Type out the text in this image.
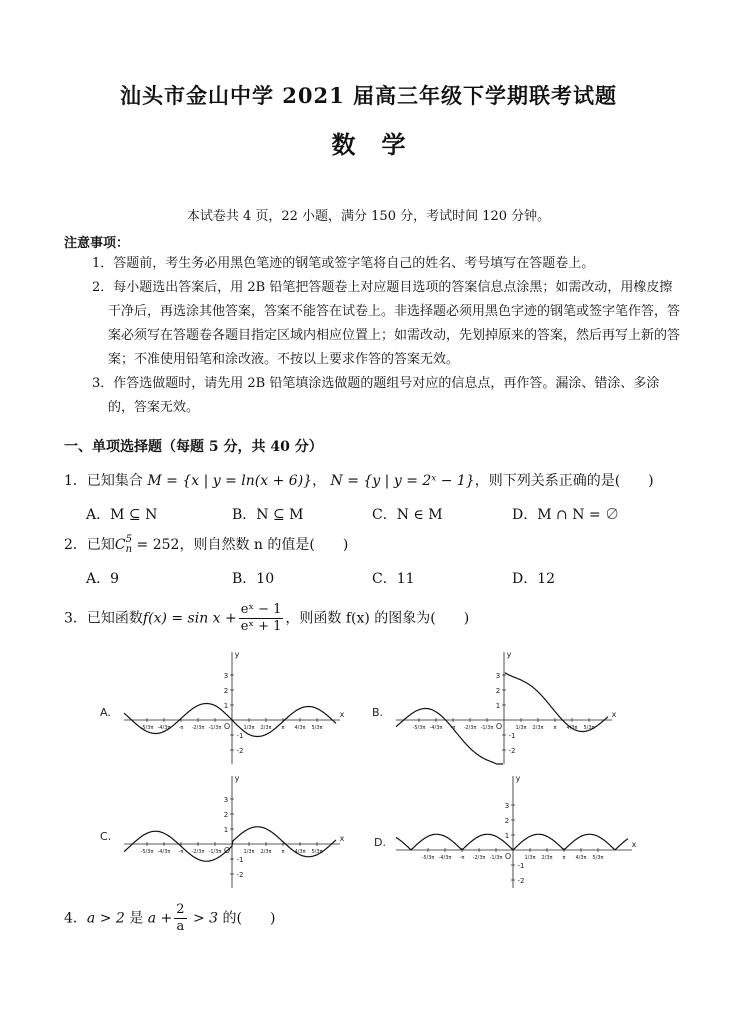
汕头市金山中学 2021 届高三年级下学期联考试题
数学
本试卷共 4 页，22 小题，满分 150 分，考试时间 120 分钟。
注意事项：
1．答题前，考生务必用黑色笔迹的钢笔或签字笔将自己的姓名、考号填写在答题卷上。
2．每小题选出答案后，用 2B 铅笔把答题卷上对应题目选项的答案信息点涂黑；如需改动，用橡皮擦干净后，再选涂其他答案，答案不能答在试卷上。非选择题必须用黑色字迹的钢笔或签字笔作答，答案必须写在答题卷各题目指定区域内相应位置上；如需改动，先划掉原来的答案，然后再写上新的答案；不准使用铅笔和涂改液。不按以上要求作答的答案无效。
3．作答选做题时，请先用 2B 铅笔填涂选做题的题组号对应的信息点，再作答。漏涂、错涂、多涂的，答案无效。
一、单项选择题（每题 5 分，共 40 分）
1．已知集合 M = {x | y = ln(x + 6)}， N = {y | y = 2ˣ − 1}，则下列关系正确的是(　　)
A．M ⊆ N	B．N ⊆ M	C．N ∈ M	D．M ∩ N = ∅
2．已知C 5
n = 252，则自然数 n 的值是(　　)
A．9	B．10	C．11	D．12
3．已知函数$f(x) = \sin x + \frac{\text{eˣ − 1}}{\text{eˣ + 1}}$ ，则函数 f(x) 的图象为(　　)
A.	x
y
O
3
2
1
-1
-2
-1/3π	1/3π
-2/3π	2/3π
-π	π
-4/3π	4/3π
-5/3π	5/3π
B.	x
y
O
3
2
1
-1
-2
-1/3π	1/3π
-2/3π	2/3π
-π	π
-4/3π	4/3π
-5/3π	5/3π
C.	x
y
O
3
2
1
-1
-2
-1/3π	1/3π
-2/3π	2/3π
-π	π
-4/3π	4/3π
-5/3π	5/3π
D.	x
y
O
3
2
1
-1
-2
-1/3π	1/3π
-2/3π	2/3π
-π	π
-4/3π	4/3π
-5/3π	5/3π
4．a > 2 是 $a + \frac{2}{a} > 3$ 的(　　)
